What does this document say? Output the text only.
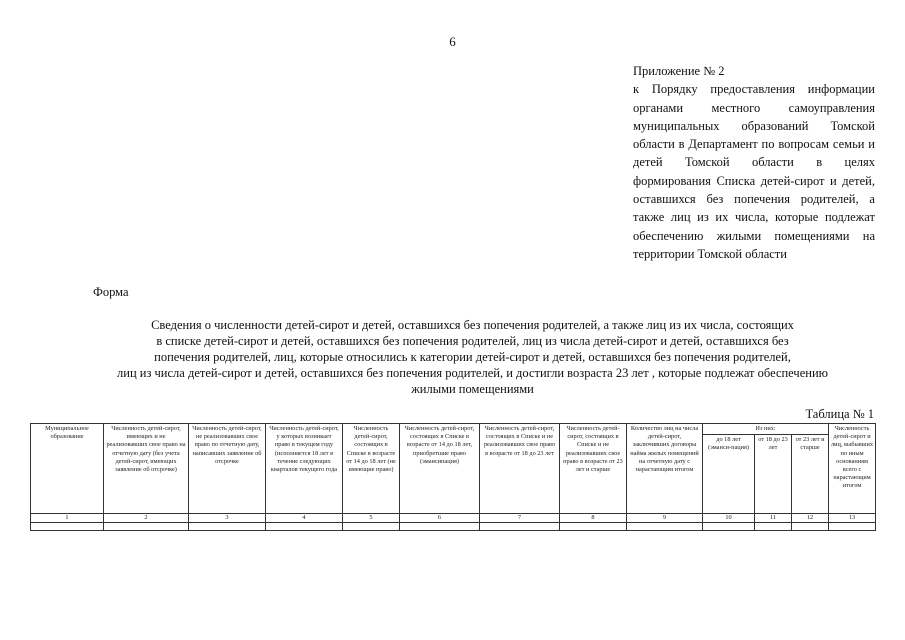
6
Приложение № 2
к Порядку предоставления информации органами местного самоуправления муниципальных образований Томской области в Департамент по вопросам семьи и детей Томской области в целях формирования Списка детей-сирот и детей, оставшихся без попечения родителей, а также лиц из их числа, которые подлежат обеспечению жилыми помещениями на территории Томской области
Форма
Сведения о численности детей-сирот и детей, оставшихся без попечения родителей, а также лиц из их числа, состоящих
в списке детей-сирот и детей, оставшихся без попечения родителей, лиц из числа детей-сирот и детей, оставшихся без
попечения родителей, лиц, которые относились к категории детей-сирот и детей, оставшихся без попечения родителей,
лиц из числа детей-сирот и детей, оставшихся без попечения родителей, и достигли возраста 23 лет , которые подлежат обеспечению
жилыми помещениями
Таблица № 1
Муниципальное образование	Численность детей-сирот, имеющих и не реализовавших свое право на отчетную дату (без учета детей-сирот, имеющих заявление об отсрочке)	Численность детей-сирот, не реализовавших свое право по отчетную дату, написавших заявление об отсрочке	Численность детей-сирот, у которых возникает право в текущем году (исполняется 18 лет в течение следующих кварталов текущего года	Численность детей-сирот, состоящих в Списке в возрасте от 14 до 18 лет (не имеющие право)	Численность детей-сирот, состоящих в Списке в возрасте от 14 до 18 лет, приобретшие право (эмансипация)	Численность детей-сирот, состоящих в Списке и не реализовавших свое право в возрасте от 18 до 23 лет	Численность детей-сирот, состоящих в Списке и не реализовавших свое право в возрасте от 23 лет и старше	Количество лиц на числа детей-сирот, заключивших договоры найма жилых помещений на отчетную дату с нарастающим итогом	Из них:			Численность детей-сирот и лиц, выбывших по иным основаниям всего с нарастающим итогом
									до 18 лет (эманси-пация)	от 18 до 23 лет	от 23 лет и старше	
1	2	3	4	5	6	7	8	9	10	11	12	13
